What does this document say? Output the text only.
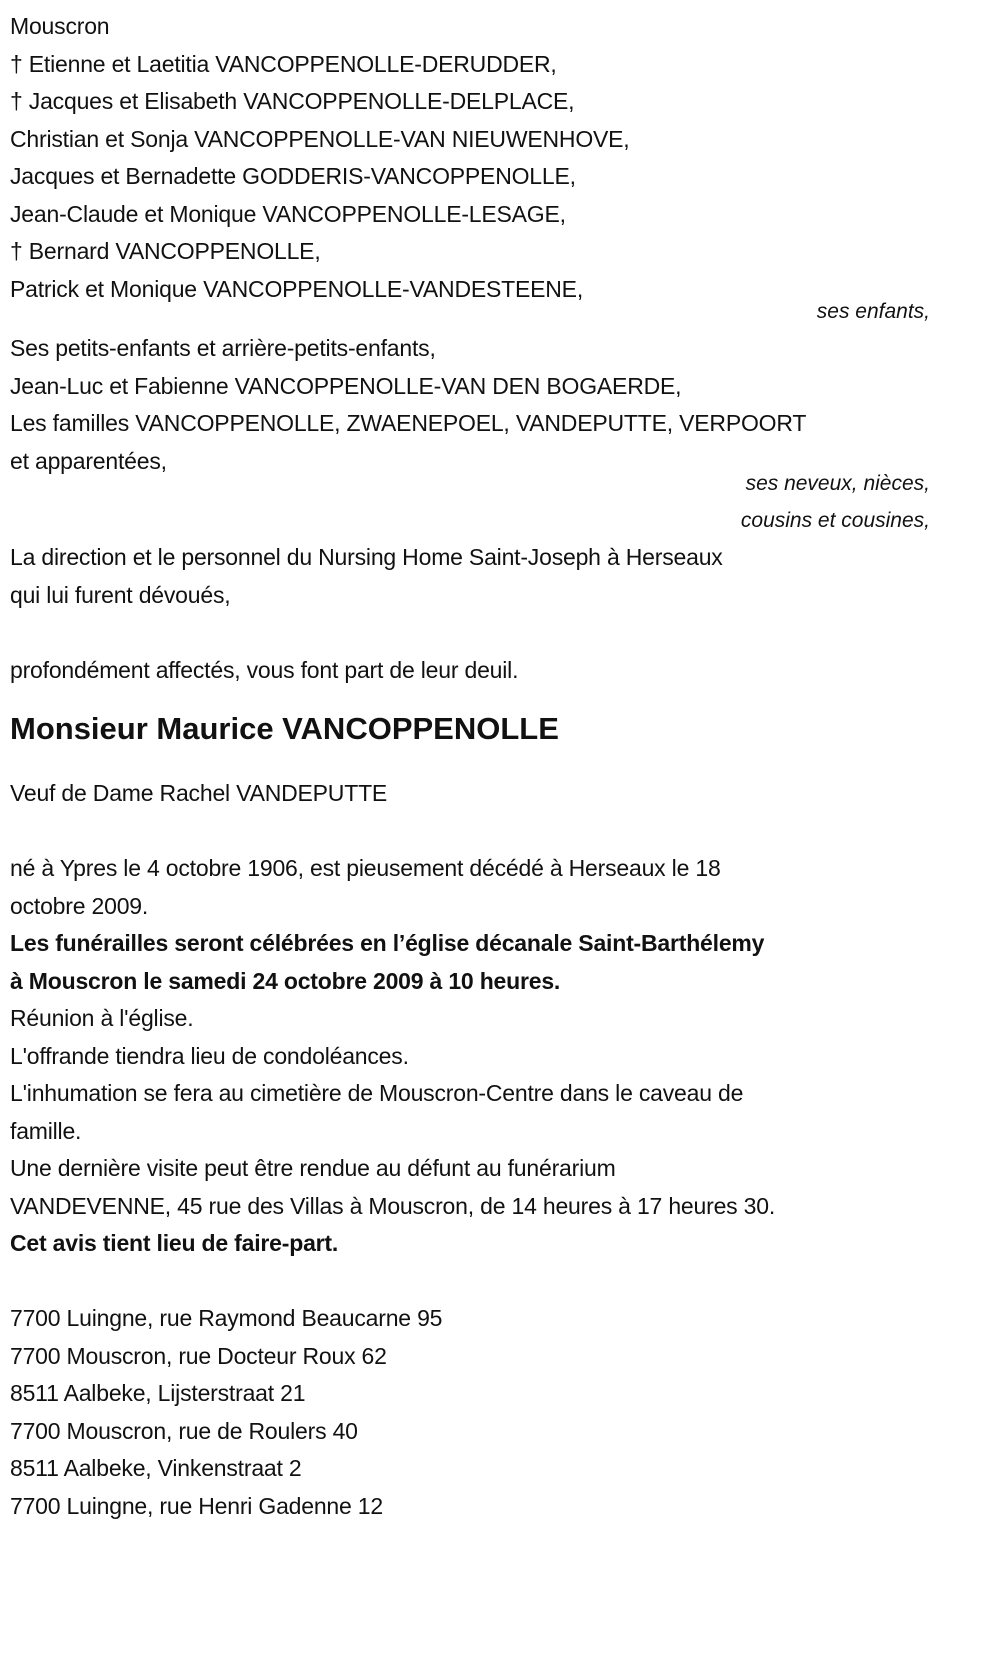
Mouscron
† Etienne et Laetitia VANCOPPENOLLE-DERUDDER,
† Jacques et Elisabeth VANCOPPENOLLE-DELPLACE,
Christian et Sonja VANCOPPENOLLE-VAN NIEUWENHOVE,
Jacques et Bernadette GODDERIS-VANCOPPENOLLE,
Jean-Claude et Monique VANCOPPENOLLE-LESAGE,
† Bernard VANCOPPENOLLE,
Patrick et Monique VANCOPPENOLLE-VANDESTEENE,
ses enfants,
Ses petits-enfants et arrière-petits-enfants,
Jean-Luc et Fabienne VANCOPPENOLLE-VAN DEN BOGAERDE,
Les familles VANCOPPENOLLE, ZWAENEPOEL, VANDEPUTTE, VERPOORT
et apparentées,
ses neveux, nièces,
cousins et cousines,
La direction et le personnel du Nursing Home Saint-Joseph à Herseaux
qui lui furent dévoués,
profondément affectés, vous font part de leur deuil.
Monsieur Maurice VANCOPPENOLLE
Veuf de Dame Rachel VANDEPUTTE
né à Ypres le 4 octobre 1906, est pieusement décédé à Herseaux le 18
octobre 2009.
Les funérailles seront célébrées en l’église décanale Saint-Barthélemy
à Mouscron le samedi 24 octobre 2009 à 10 heures.
Réunion à l'église.
L'offrande tiendra lieu de condoléances.
L'inhumation se fera au cimetière de Mouscron-Centre dans le caveau de
famille.
Une dernière visite peut être rendue au défunt au funérarium
VANDEVENNE, 45 rue des Villas à Mouscron, de 14 heures à 17 heures 30.
Cet avis tient lieu de faire-part.
7700 Luingne, rue Raymond Beaucarne 95
7700 Mouscron, rue Docteur Roux 62
8511 Aalbeke, Lijsterstraat 21
7700 Mouscron, rue de Roulers 40
8511 Aalbeke, Vinkenstraat 2
7700 Luingne, rue Henri Gadenne 12
